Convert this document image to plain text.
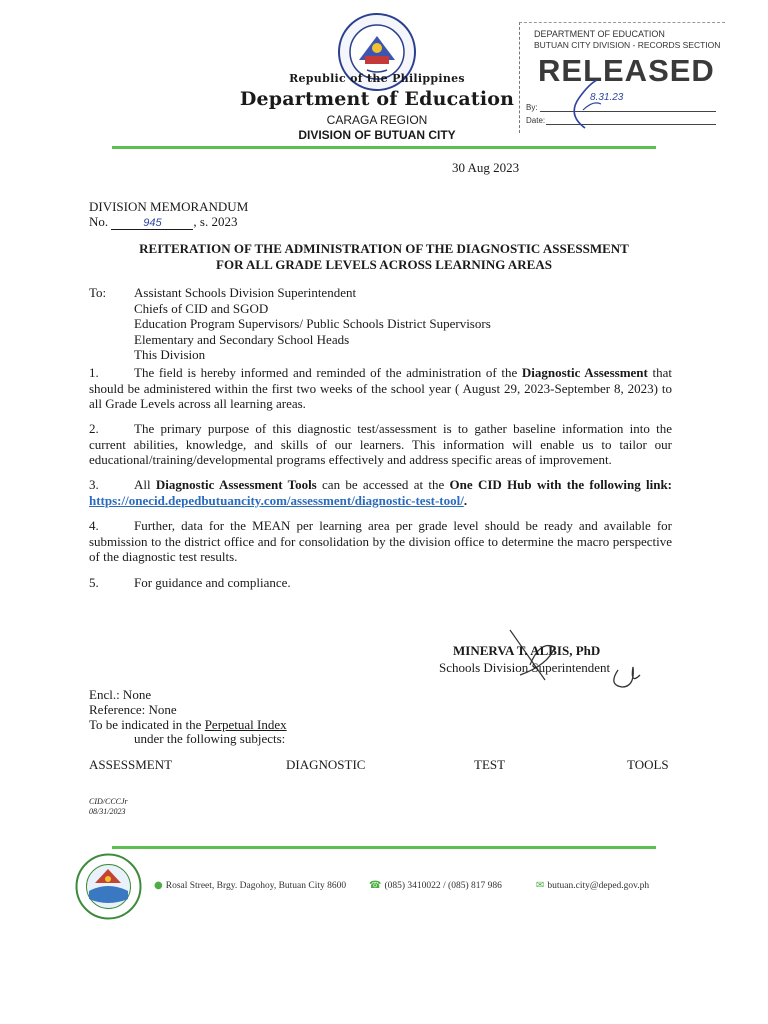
Republic of the Philippines
Department of Education
CARAGA REGION
DIVISION OF BUTUAN CITY
DEPARTMENT OF EDUCATION
BUTUAN CITY DIVISION - RECORDS SECTION
RELEASED
By:
Date:
8.31.23
30 Aug 2023
DIVISION MEMORANDUM
No.	945 , s. 2023
REITERATION OF THE ADMINISTRATION OF THE DIAGNOSTIC ASSESSMENT
FOR ALL GRADE LEVELS ACROSS LEARNING AREAS
To: Assistant Schools Division Superintendent
Chiefs of CID and SGOD
Education Program Supervisors/ Public Schools District Supervisors
Elementary and Secondary School Heads
This Division
1.	The field is hereby informed and reminded of the administration of the Diagnostic Assessment that should be administered within the first two weeks of the school year ( August 29, 2023-September 8, 2023) to all Grade Levels across all learning areas.
2.	The primary purpose of this diagnostic test/assessment is to gather baseline information into the current abilities, knowledge, and skills of our learners. This information will enable us to tailor our educational/training/developmental programs effectively and address specific areas of improvement.
3.	All Diagnostic Assessment Tools can be accessed at the One CID Hub with the following link: https://onecid.depedbutuancity.com/assessment/diagnostic-test-tool/.
4.	Further, data for the MEAN per learning area per grade level should be ready and available for submission to the district office and for consolidation by the division office to determine the macro perspective of the diagnostic test results.
5.	For guidance and compliance.
MINERVA T. ALBIS, PhD
Schools Division Superintendent
Encl.: None
Reference: None
To be indicated in the Perpetual Index
under the following subjects:
ASSESSMENT	DIAGNOSTIC	TEST	TOOLS
CID/CCCJr
08/31/2023
● Rosal Street, Brgy. Dagohoy, Butuan City 8600 ☎ (085) 3410022 / (085) 817 986	✉ butuan.city@deped.gov.ph
